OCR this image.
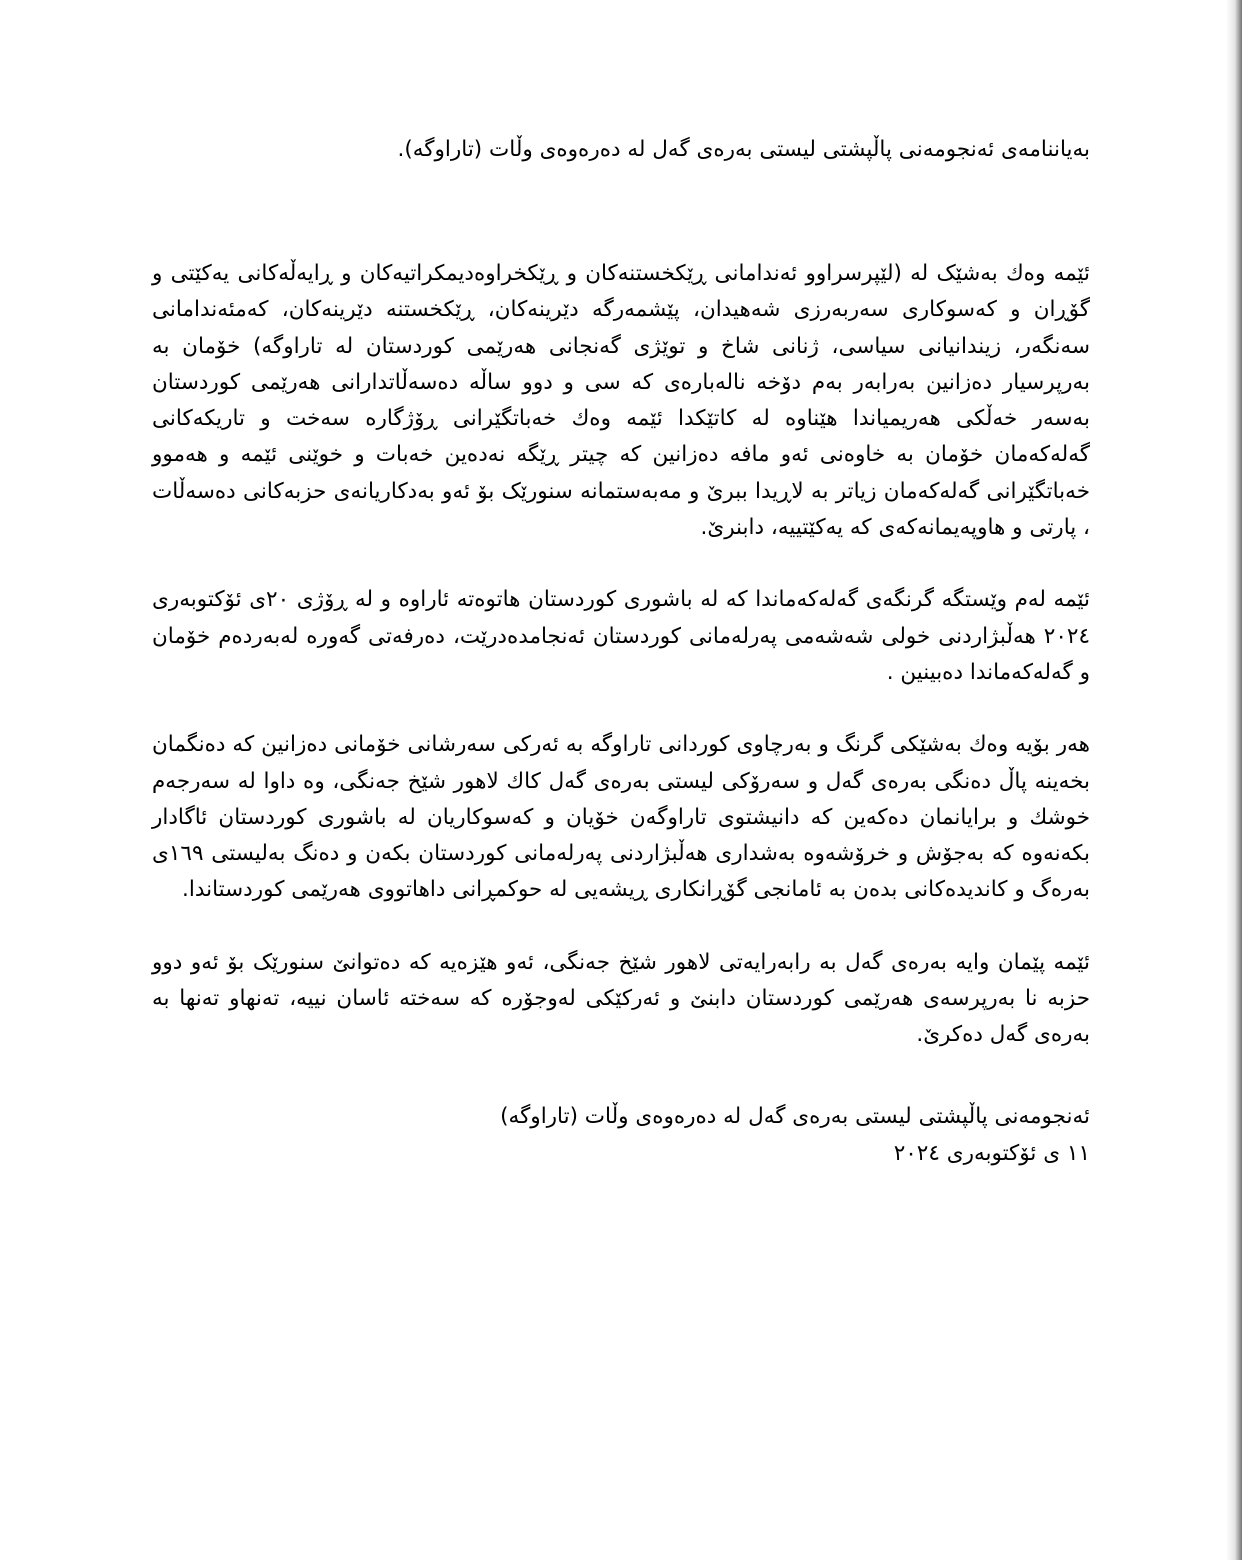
بەیاننامەی ئەنجومەنی پاڵپشتی لیستی بەرەی گەل لە دەرەوەی وڵات (تاراوگە).

ئێمە وەك بەشێک لە (لێپرسراوو ئەندامانی ڕێکخستنەکان و ڕێکخراوەدیمکراتیەکان و ڕایەڵەکانی یەکێتی و گۆڕان و کەسوکاری سەربەرزی شەهیدان، پێشمەرگە دێرینەکان، ڕێکخستنە دێرینەکان، کەمئەندامانی سەنگەر، زیندانیانی سیاسی، ژنانی شاخ و توێژی گەنجانی هەرێمی کوردستان لە تاراوگە) خۆمان بە بەرپرسیار دەزانین بەرابەر بەم دۆخە نالەبارەی کە سی و دوو ساڵە دەسەڵاتدارانی هەرێمی کوردستان بەسەر خەڵکی هەریمیاندا هێناوە لە کاتێکدا ئێمە وەك خەباتگێرانی ڕۆژگارە سەخت و تاریکەکانی گەلەکەمان خۆمان بە خاوەنی ئەو مافە دەزانین کە چیتر ڕێگە نەدەین خەبات و خوێنی ئێمە و هەموو خەباتگێرانی گەلەکەمان زیاتر بە لاڕیدا ببرێ و مەبەستمانە سنورێک بۆ ئەو بەدکاریانەی حزبەکانی دەسەڵات ، پارتی و هاوپەیمانەکەی کە یەکێتییە، دابنرێ.

ئێمە لەم وێستگە گرنگەی گەلەکەماندا کە لە باشوری کوردستان هاتوەتە ئاراوە و لە ڕۆژی ٢٠ی ئۆکتوبەری ٢٠٢٤ هەڵبژاردنی خولی شەشەمی پەرلەمانی کوردستان ئەنجامدەدرێت، دەرفەتی گەورە لەبەردەم خۆمان و گەلەکەماندا دەبینین .

هەر بۆیە وەك بەشێکی گرنگ و بەرچاوی کوردانی تاراوگە بە ئەرکی سەرشانی خۆمانی دەزانین کە دەنگمان بخەینە پاڵ دەنگی بەرەی گەل و سەرۆکی لیستی بەرەی گەل کاك لاهور شێخ جەنگی، وە داوا لە سەرجەم خوشك و برایانمان دەکەین کە دانیشتوی تاراوگەن خۆیان و کەسوکاریان لە باشوری کوردستان ئاگادار بکەنەوە کە بەجۆش و خرۆشەوە بەشداری هەڵبژاردنی پەرلەمانی کوردستان بکەن و دەنگ بەلیستی ١٦٩ی بەرەگ و کاندیدەکانی بدەن بە ئامانجی گۆڕانکاری ڕیشەیی لە حوکمڕانی داهاتووی هەرێمی کوردستاندا.

ئێمە پێمان وایە بەرەی گەل بە رابەرایەتی لاهور شێخ جەنگی، ئەو هێزەیە کە دەتوانێ سنورێک بۆ ئەو دوو حزبە نا بەرپرسەی هەرێمی کوردستان دابنێ و ئەرکێکی لەوجۆرە کە سەختە ئاسان نییە، تەنهاو تەنها بە بەرەی گەل دەکرێ.

ئەنجومەنی پاڵپشتی لیستی بەرەی گەل لە دەرەوەی وڵات (تاراوگە)
١١ ی ئۆکتوبەری ٢٠٢٤
